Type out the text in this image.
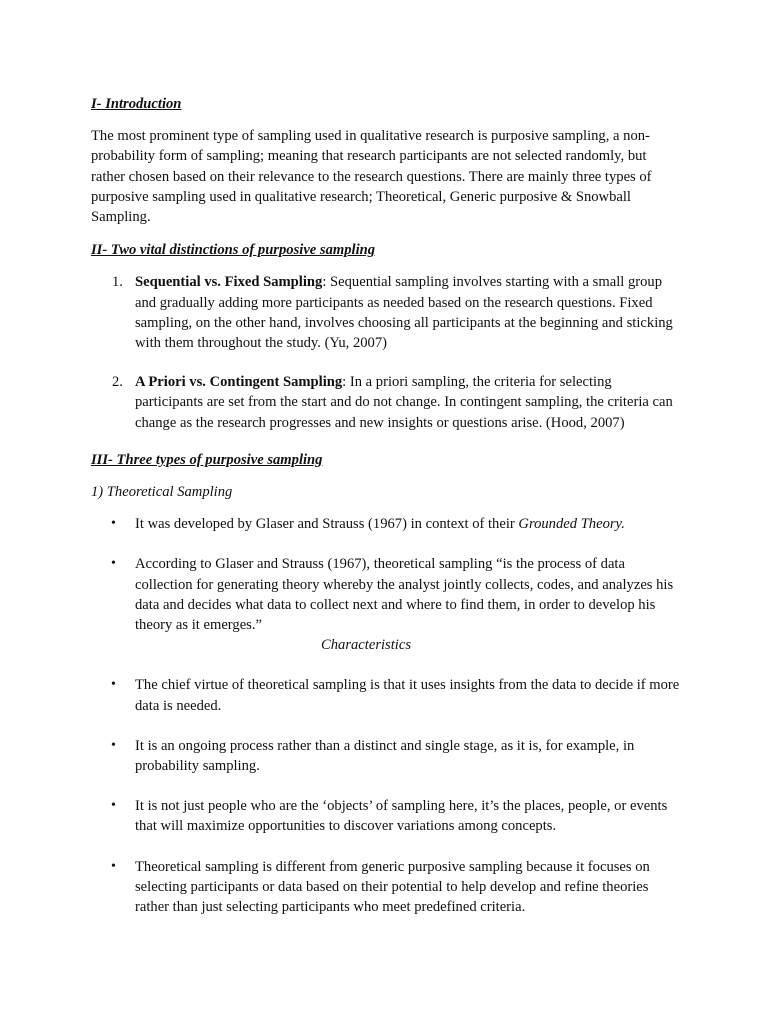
I- Introduction

The most prominent type of sampling used in qualitative research is purposive sampling, a non-probability form of sampling; meaning that research participants are not selected randomly, but rather chosen based on their relevance to the research questions. There are mainly three types of purposive sampling used in qualitative research; Theoretical, Generic purposive & Snowball Sampling.

II- Two vital distinctions of purposive sampling
1. Sequential vs. Fixed Sampling: Sequential sampling involves starting with a small group and gradually adding more participants as needed based on the research questions. Fixed sampling, on the other hand, involves choosing all participants at the beginning and sticking with them throughout the study. (Yu, 2007)
2. A Priori vs. Contingent Sampling: In a priori sampling, the criteria for selecting participants are set from the start and do not change. In contingent sampling, the criteria can change as the research progresses and new insights or questions arise. (Hood, 2007)
III- Three types of purposive sampling
1) Theoretical Sampling
• It was developed by Glaser and Strauss (1967) in context of their Grounded Theory.
• According to Glaser and Strauss (1967), theoretical sampling “is the process of data collection for generating theory whereby the analyst jointly collects, codes, and analyzes his data and decides what data to collect next and where to find them, in order to develop his theory as it emerges.”
Characteristics
• The chief virtue of theoretical sampling is that it uses insights from the data to decide if more data is needed.
• It is an ongoing process rather than a distinct and single stage, as it is, for example, in probability sampling.
• It is not just people who are the ‘objects’ of sampling here, it’s the places, people, or events that will maximize opportunities to discover variations among concepts.
• Theoretical sampling is different from generic purposive sampling because it focuses on selecting participants or data based on their potential to help develop and refine theories rather than just selecting participants who meet predefined criteria.
